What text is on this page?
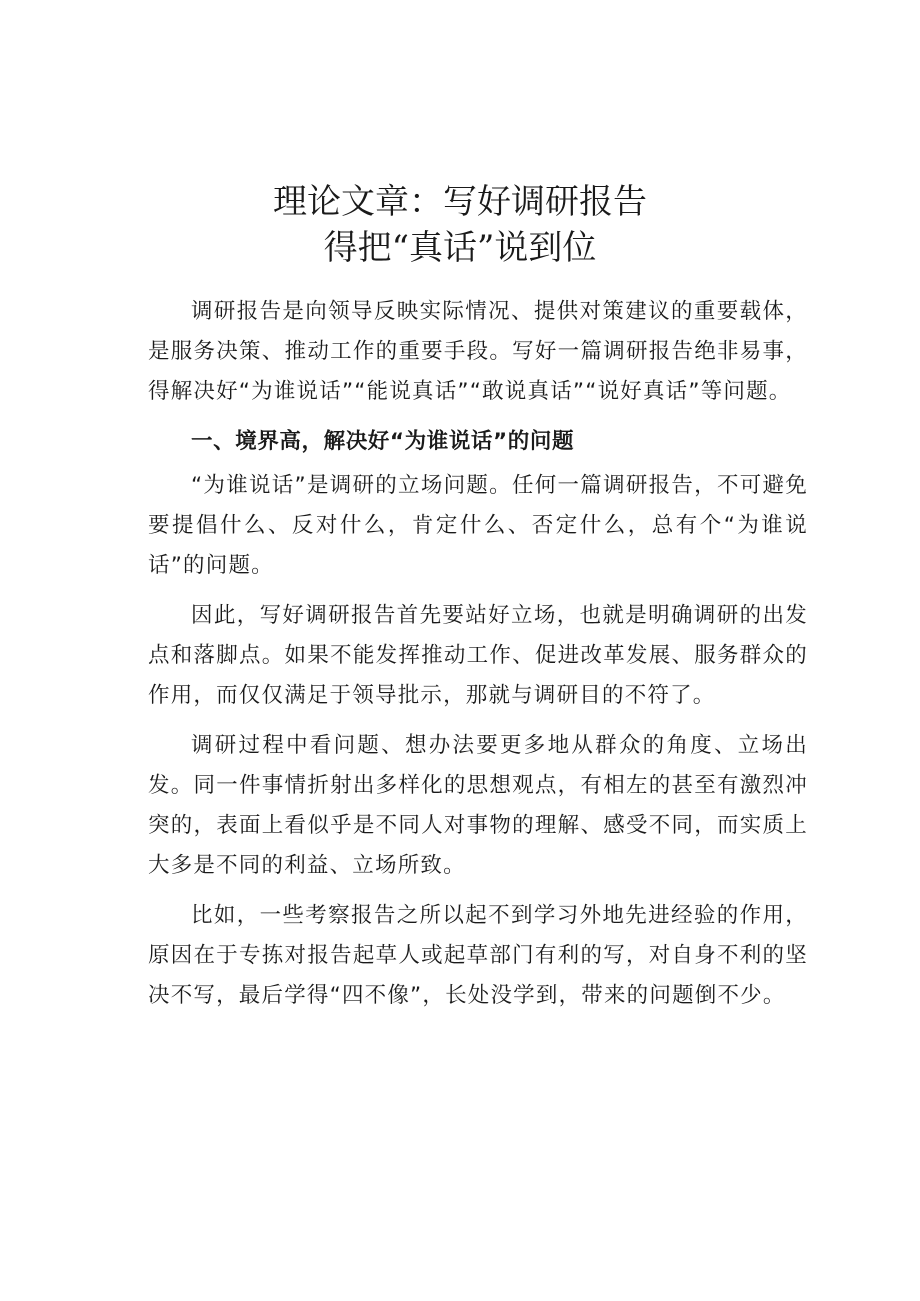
理论文章：写好调研报告
得把“真话”说到位

调研报告是向领导反映实际情况、提供对策建议的重要载体，是服务决策、推动工作的重要手段。写好一篇调研报告绝非易事，得解决好“为谁说话”“能说真话”“敢说真话”“说好真话”等问题。

一、境界高，解决好“为谁说话”的问题

“为谁说话”是调研的立场问题。任何一篇调研报告，不可避免要提倡什么、反对什么，肯定什么、否定什么，总有个“为谁说话”的问题。

因此，写好调研报告首先要站好立场，也就是明确调研的出发点和落脚点。如果不能发挥推动工作、促进改革发展、服务群众的作用，而仅仅满足于领导批示，那就与调研目的不符了。

调研过程中看问题、想办法要更多地从群众的角度、立场出发。同一件事情折射出多样化的思想观点，有相左的甚至有激烈冲突的，表面上看似乎是不同人对事物的理解、感受不同，而实质上大多是不同的利益、立场所致。

比如，一些考察报告之所以起不到学习外地先进经验的作用，原因在于专拣对报告起草人或起草部门有利的写，对自身不利的坚决不写，最后学得“四不像”，长处没学到，带来的问题倒不少。
